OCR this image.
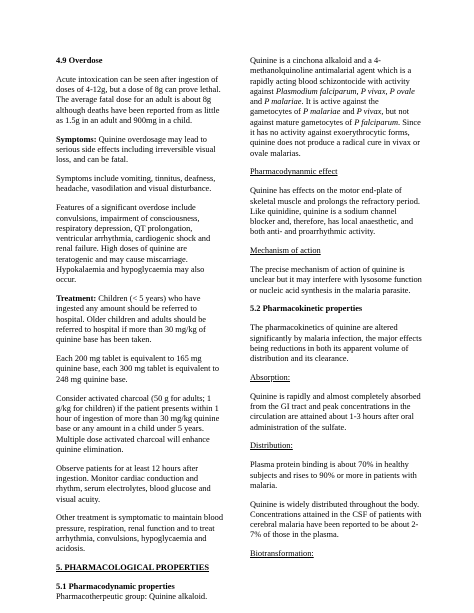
4.9 Overdose

Acute intoxication can be seen after ingestion of doses of 4-12g, but a dose of 8g can prove lethal. The average fatal dose for an adult is about 8g although deaths have been reported from as little as 1.5g in an adult and 900mg in a child.

Symptoms: Quinine overdosage may lead to serious side effects including irreversible visual loss, and can be fatal.

Symptoms include vomiting, tinnitus, deafness, headache, vasodilation and visual disturbance.

Features of a significant overdose include convulsions, impairment of consciousness, respiratory depression, QT prolongation, ventricular arrhythmia, cardiogenic shock and renal failure. High doses of quinine are teratogenic and may cause miscarriage. Hypokalaemia and hypoglycaemia may also occur.

Treatment: Children (< 5 years) who have ingested any amount should be referred to hospital. Older children and adults should be referred to hospital if more than 30 mg/kg of quinine base has been taken.

Each 200 mg tablet is equivalent to 165 mg quinine base, each 300 mg tablet is equivalent to 248 mg quinine base.

Consider activated charcoal (50 g for adults; 1 g/kg for children) if the patient presents within 1 hour of ingestion of more than 30 mg/kg quinine base or any amount in a child under 5 years. Multiple dose activated charcoal will enhance quinine elimination.

Observe patients for at least 12 hours after ingestion. Monitor cardiac conduction and rhythm, serum electrolytes, blood glucose and visual acuity.

Other treatment is symptomatic to maintain blood pressure, respiration, renal function and to treat arrhythmia, convulsions, hypoglycaemia and acidosis.

5. PHARMACOLOGICAL PROPERTIES

5.1 Pharmacodynamic properties
Pharmacotherpeutic group: Quinine alkaloid.

Quinine is a cinchona alkaloid and a 4-methanolquinoline antimalarial agent which is a rapidly acting blood schizontocide with activity against Plasmodium falciparum, P vivax, P ovale and P malariae. It is active against the gametocytes of P malariae and P vivax, but not against mature gametocytes of P falciparum. Since it has no activity against exoerythrocytic forms, quinine does not produce a radical cure in vivax or ovale malarias.

Pharmacodynanmic effect

Quinine has effects on the motor end-plate of skeletal muscle and prolongs the refractory period. Like quinidine, quinine is a sodium channel blocker and, therefore, has local anaesthetic, and both anti- and proarrhythmic activity.

Mechanism of action

The precise mechanism of action of quinine is unclear but it may interfere with lysosome function or nucleic acid synthesis in the malaria parasite.

5.2 Pharmacokinetic properties

The pharmacokinetics of quinine are altered significantly by malaria infection, the major effects being reductions in both its apparent volume of distribution and its clearance.

Absorption:

Quinine is rapidly and almost completely absorbed from the GI tract and peak concentrations in the circulation are attained about 1-3 hours after oral administration of the sulfate.

Distribution:

Plasma protein binding is about 70% in healthy subjects and rises to 90% or more in patients with malaria.

Quinine is widely distributed throughout the body. Concentrations attained in the CSF of patients with cerebral malaria have been reported to be about 2-7% of those in the plasma.

Biotransformation:
